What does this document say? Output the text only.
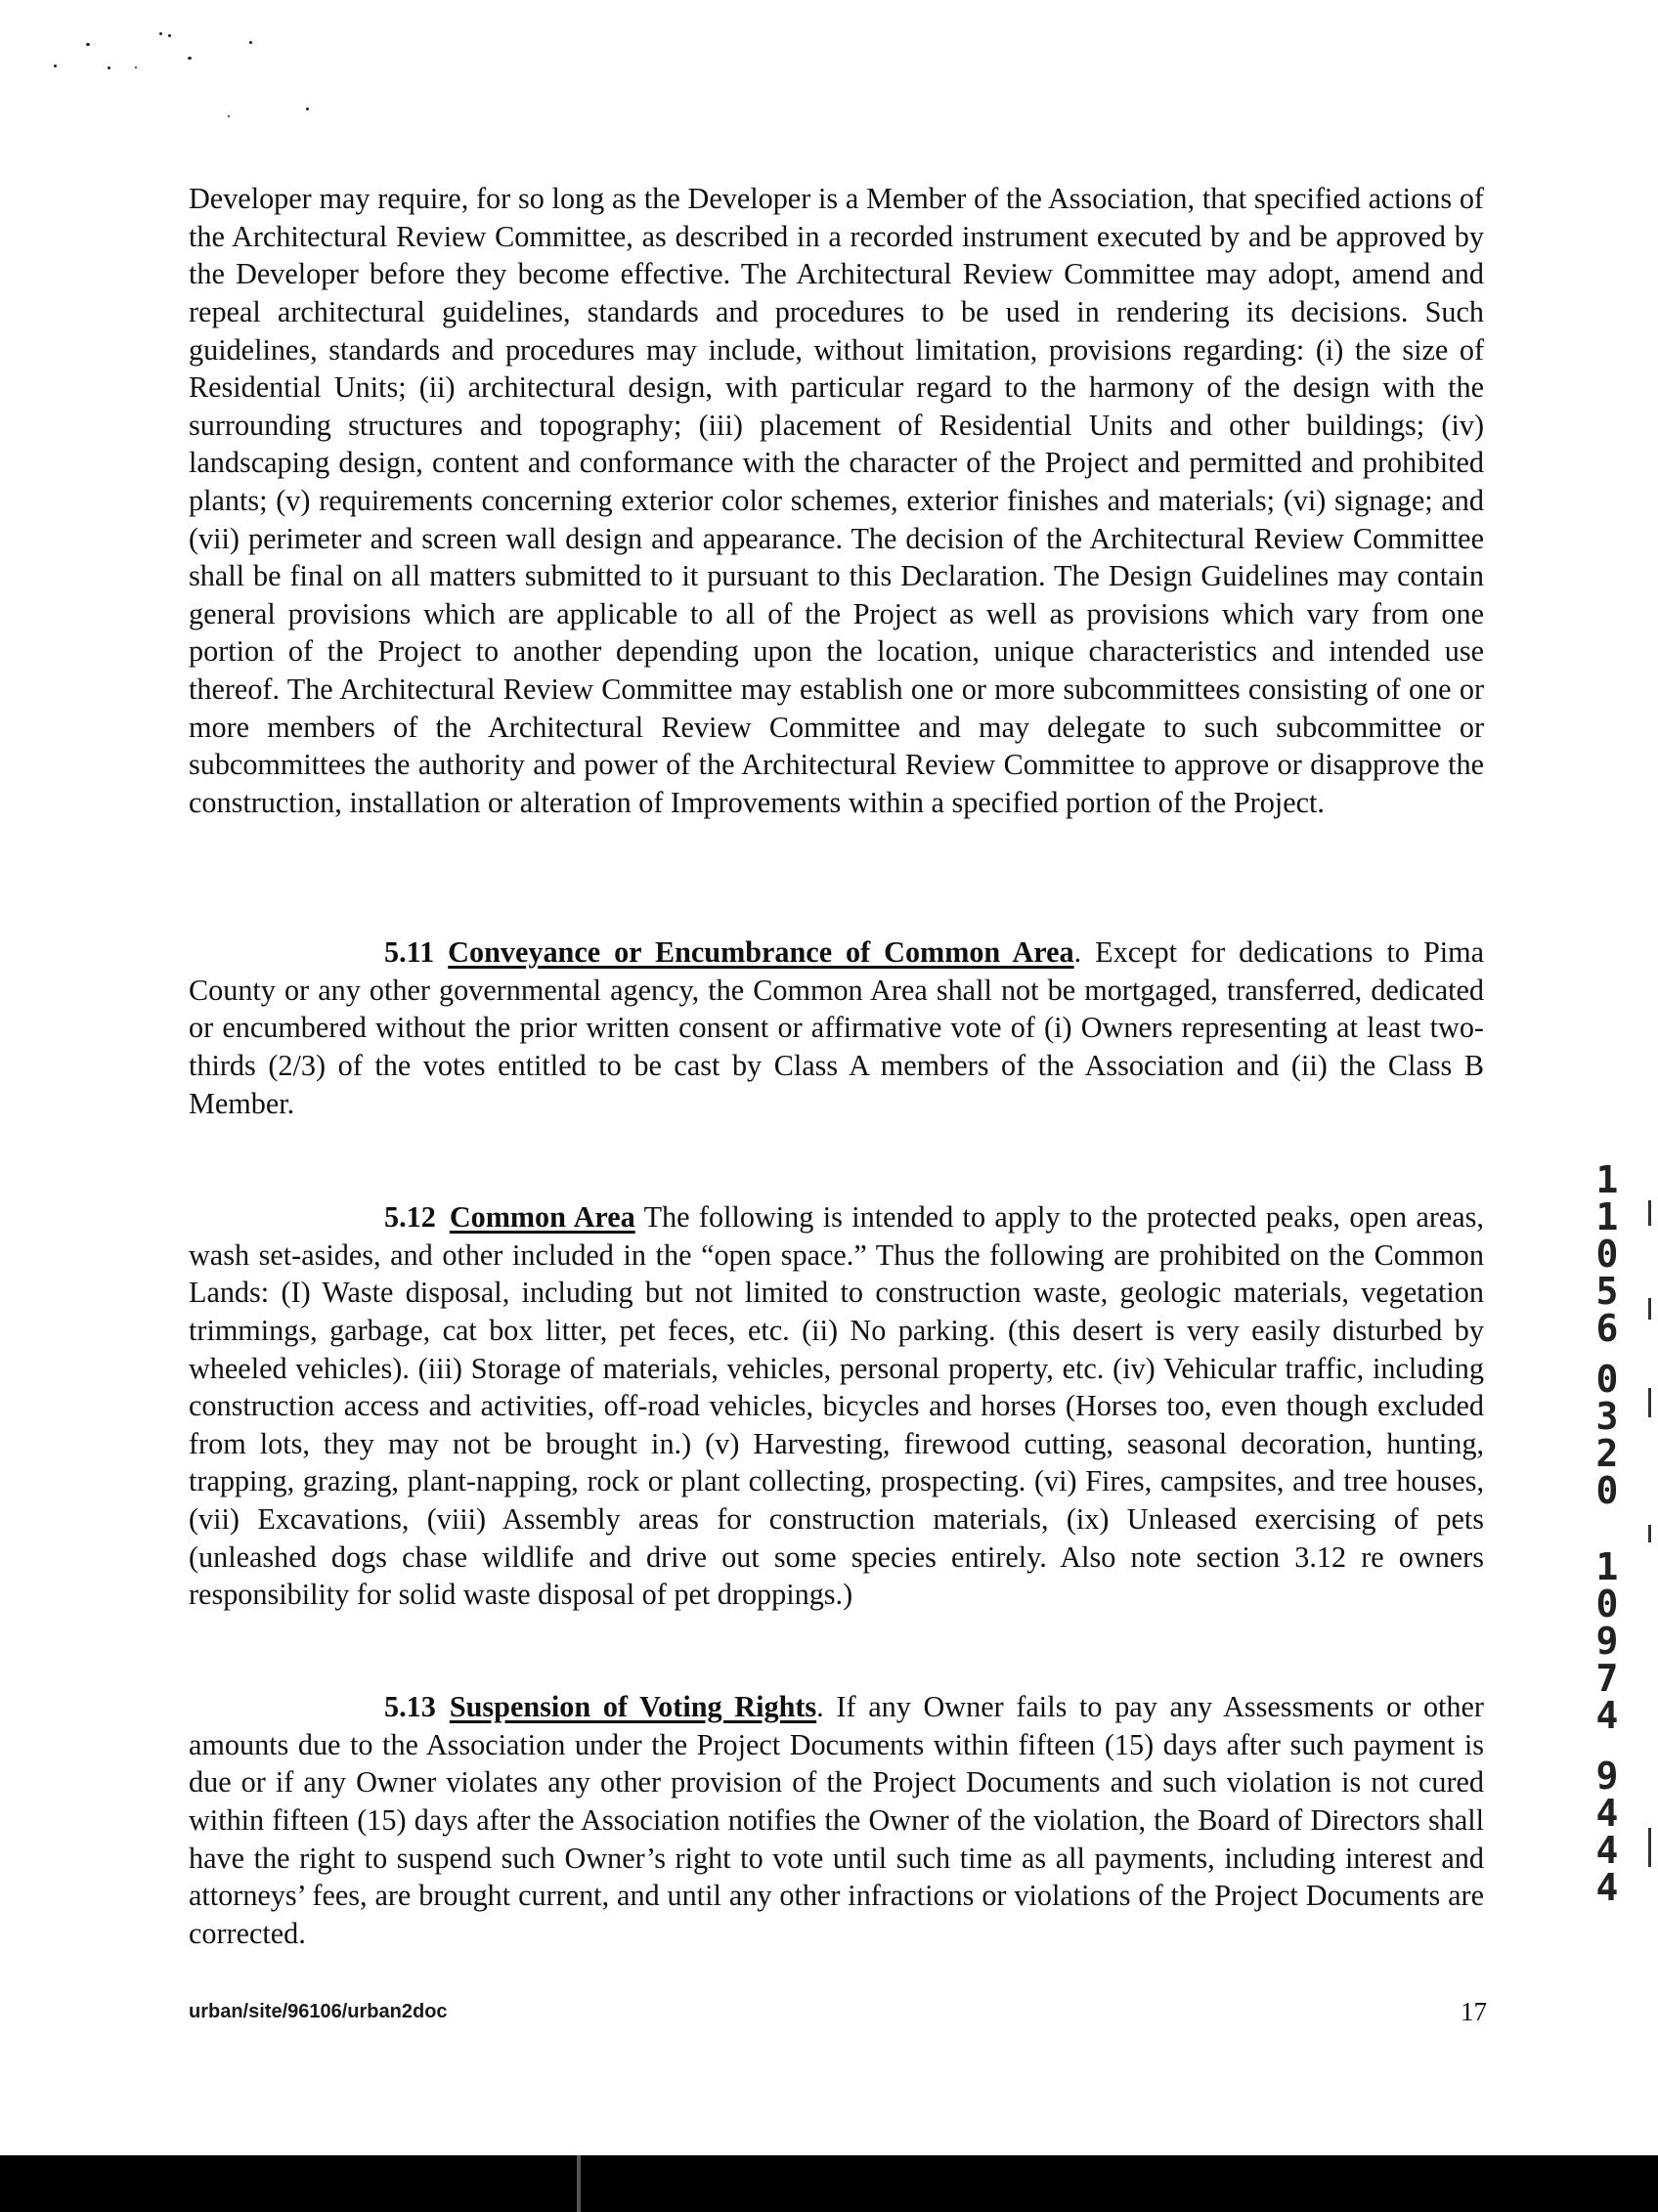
Developer may require, for so long as the Developer is a Member of the Association, that specified actions of the Architectural Review Committee, as described in a recorded instrument executed by and be approved by the Developer before they become effective. The Architectural Review Committee may adopt, amend and repeal architectural guidelines, standards and procedures to be used in rendering its decisions. Such guidelines, standards and procedures may include, without limitation, provisions regarding: (i) the size of Residential Units; (ii) architectural design, with particular regard to the harmony of the design with the surrounding structures and topography; (iii) placement of Residential Units and other buildings; (iv) landscaping design, content and conformance with the character of the Project and permitted and prohibited plants; (v) requirements concerning exterior color schemes, exterior finishes and materials; (vi) signage; and (vii) perimeter and screen wall design and appearance. The decision of the Architectural Review Committee shall be final on all matters submitted to it pursuant to this Declaration. The Design Guidelines may contain general provisions which are applicable to all of the Project as well as provisions which vary from one portion of the Project to another depending upon the location, unique characteristics and intended use thereof. The Architectural Review Committee may establish one or more subcommittees consisting of one or more members of the Architectural Review Committee and may delegate to such subcommittee or subcommittees the authority and power of the Architectural Review Committee to approve or disapprove the construction, installation or alteration of Improvements within a specified portion of the Project.

5.11 Conveyance or Encumbrance of Common Area. Except for dedications to Pima County or any other governmental agency, the Common Area shall not be mortgaged, transferred, dedicated or encumbered without the prior written consent or affirmative vote of (i) Owners representing at least two-thirds (2/3) of the votes entitled to be cast by Class A members of the Association and (ii) the Class B Member.

5.12 Common Area The following is intended to apply to the protected peaks, open areas, wash set-asides, and other included in the “open space.” Thus the following are prohibited on the Common Lands: (I) Waste disposal, including but not limited to construction waste, geologic materials, vegetation trimmings, garbage, cat box litter, pet feces, etc. (ii) No parking. (this desert is very easily disturbed by wheeled vehicles). (iii) Storage of materials, vehicles, personal property, etc. (iv) Vehicular traffic, including construction access and activities, off-road vehicles, bicycles and horses (Horses too, even though excluded from lots, they may not be brought in.) (v) Harvesting, firewood cutting, seasonal decoration, hunting, trapping, grazing, plant-napping, rock or plant collecting, prospecting. (vi) Fires, campsites, and tree houses, (vii) Excavations, (viii) Assembly areas for construction materials, (ix) Unleased exercising of pets (unleashed dogs chase wildlife and drive out some species entirely. Also note section 3.12 re owners responsibility for solid waste disposal of pet droppings.)

5.13 Suspension of Voting Rights. If any Owner fails to pay any Assessments or other amounts due to the Association under the Project Documents within fifteen (15) days after such payment is due or if any Owner violates any other provision of the Project Documents and such violation is not cured within fifteen (15) days after the Association notifies the Owner of the violation, the Board of Directors shall have the right to suspend such Owner’s right to vote until such time as all payments, including interest and attorneys’ fees, are brought current, and until any other infractions or violations of the Project Documents are corrected.

1
1
0
5
6
0
3
2
0
1
0
9
7
4
9
4
4
4
urban/site/96106/urban2doc	17
